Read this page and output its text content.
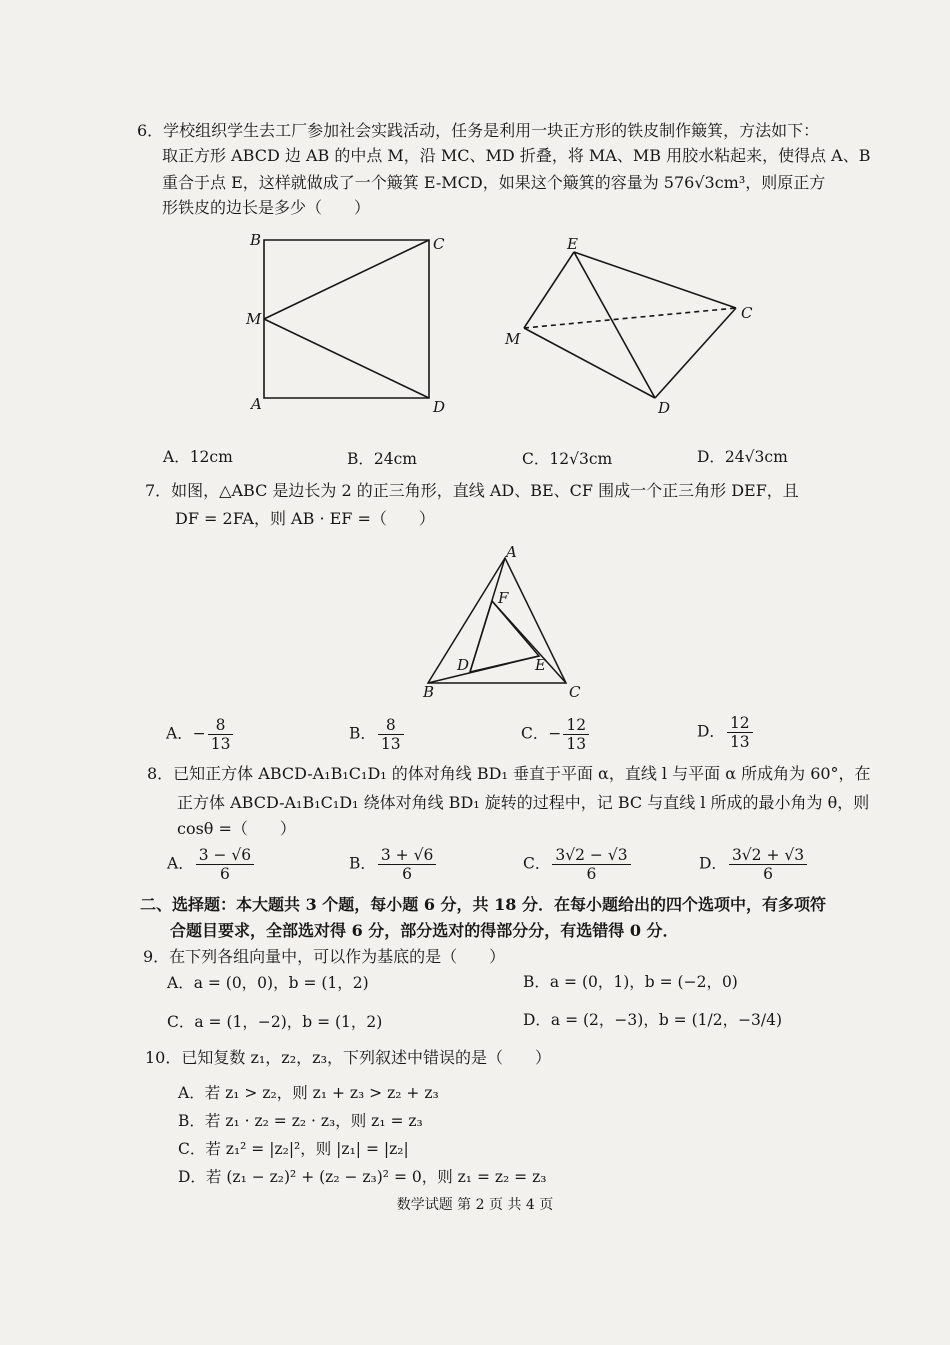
6．学校组织学生去工厂参加社会实践活动，任务是利用一块正方形的铁皮制作簸箕，方法如下：
取正方形 ABCD 边 AB 的中点 M，沿 MC、MD 折叠，将 MA、MB 用胶水粘起来，使得点 A、B
重合于点 E，这样就做成了一个簸箕 E-MCD，如果这个簸箕的容量为 576√3cm³，则原正方
形铁皮的边长是多少（　　）
B	C
M
A	D
E
C
M
D
A．12cm	B．24cm	C．12√3cm	D．24√3cm
7．如图，△ABC 是边长为 2 的正三角形，直线 AD、BE、CF 围成一个正三角形 DEF，且
DF = 2FA，则 AB · EF =（　　）
A
F
D	E
B	C
A．− $\frac{8}{13}$	B． $\frac{8}{13}$	C．− $\frac{12}{13}$	D． $\frac{12}{13}$
8．已知正方体 ABCD-A₁B₁C₁D₁ 的体对角线 BD₁ 垂直于平面 α，直线 l 与平面 α 所成角为 60°，在
正方体 ABCD-A₁B₁C₁D₁ 绕体对角线 BD₁ 旋转的过程中，记 BC 与直线 l 所成的最小角为 θ，则
cosθ =（　　）
A． $\frac{3 - √6}{6}$	B． $\frac{3 + √6}{6}$	C． $\frac{3√2 - √3}{6}$	D． $\frac{3√2 + √3}{6}$
二、选择题：本大题共 3 个题，每小题 6 分，共 18 分．在每小题给出的四个选项中，有多项符
合题目要求，全部选对得 6 分，部分选对的得部分分，有选错得 0 分．
9．在下列各组向量中，可以作为基底的是（　　）
A．a = (0，0)，b = (1，2)	B．a = (0，1)，b = (−2，0)
C．a = (1，−2)，b = (1，2)	D．a = (2，−3)，b = (1/2，−3/4)
10．已知复数 z₁，z₂，z₃，下列叙述中错误的是（　　）
A．若 z₁ > z₂，则 z₁ + z₃ > z₂ + z₃
B．若 z₁ · z₂ = z₂ · z₃，则 z₁ = z₃
C．若 z₁² = |z₂|²，则 |z₁| = |z₂|
D．若 (z₁ − z₂)² + (z₂ − z₃)² = 0，则 z₁ = z₂ = z₃
数学试题 第 2 页 共 4 页
